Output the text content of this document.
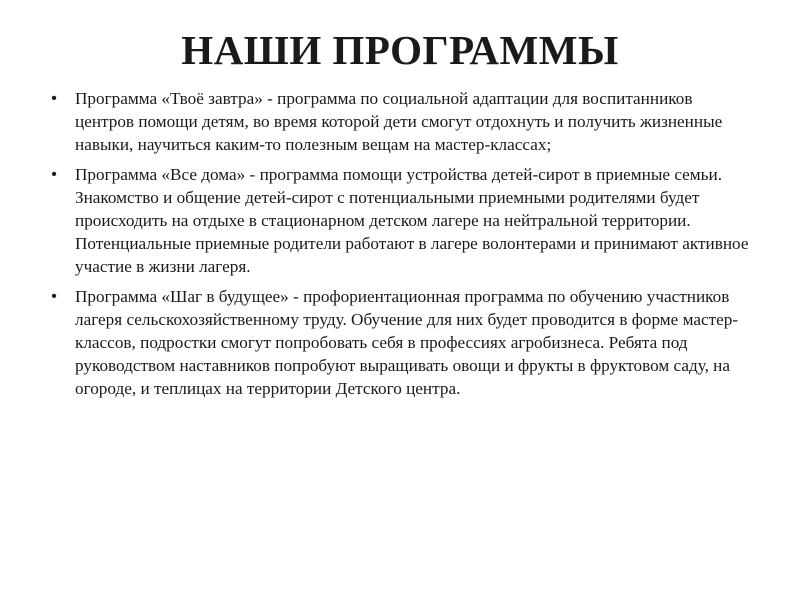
НАШИ ПРОГРАММЫ
• Программа «Твоё завтра» - программа по социальной адаптации для воспитанников центров помощи детям, во время которой дети смогут отдохнуть и получить жизненные навыки, научиться каким-то полезным вещам на мастер-классах;
• Программа «Все дома» - программа помощи устройства детей-сирот в приемные семьи. Знакомство и общение детей-сирот с потенциальными приемными родителями будет происходить на отдыхе в стационарном детском лагере на нейтральной территории. Потенциальные приемные родители работают в лагере волонтерами и принимают активное участие в жизни лагеря.
• Программа «Шаг в будущее» - профориентационная программа по обучению участников лагеря сельскохозяйственному труду. Обучение для них будет проводится в форме мастер-классов, подростки смогут попробовать себя в профессиях агробизнеса. Ребята под руководством наставников попробуют выращивать овощи и фрукты в фруктовом саду, на огороде, и теплицах на территории Детского центра.
